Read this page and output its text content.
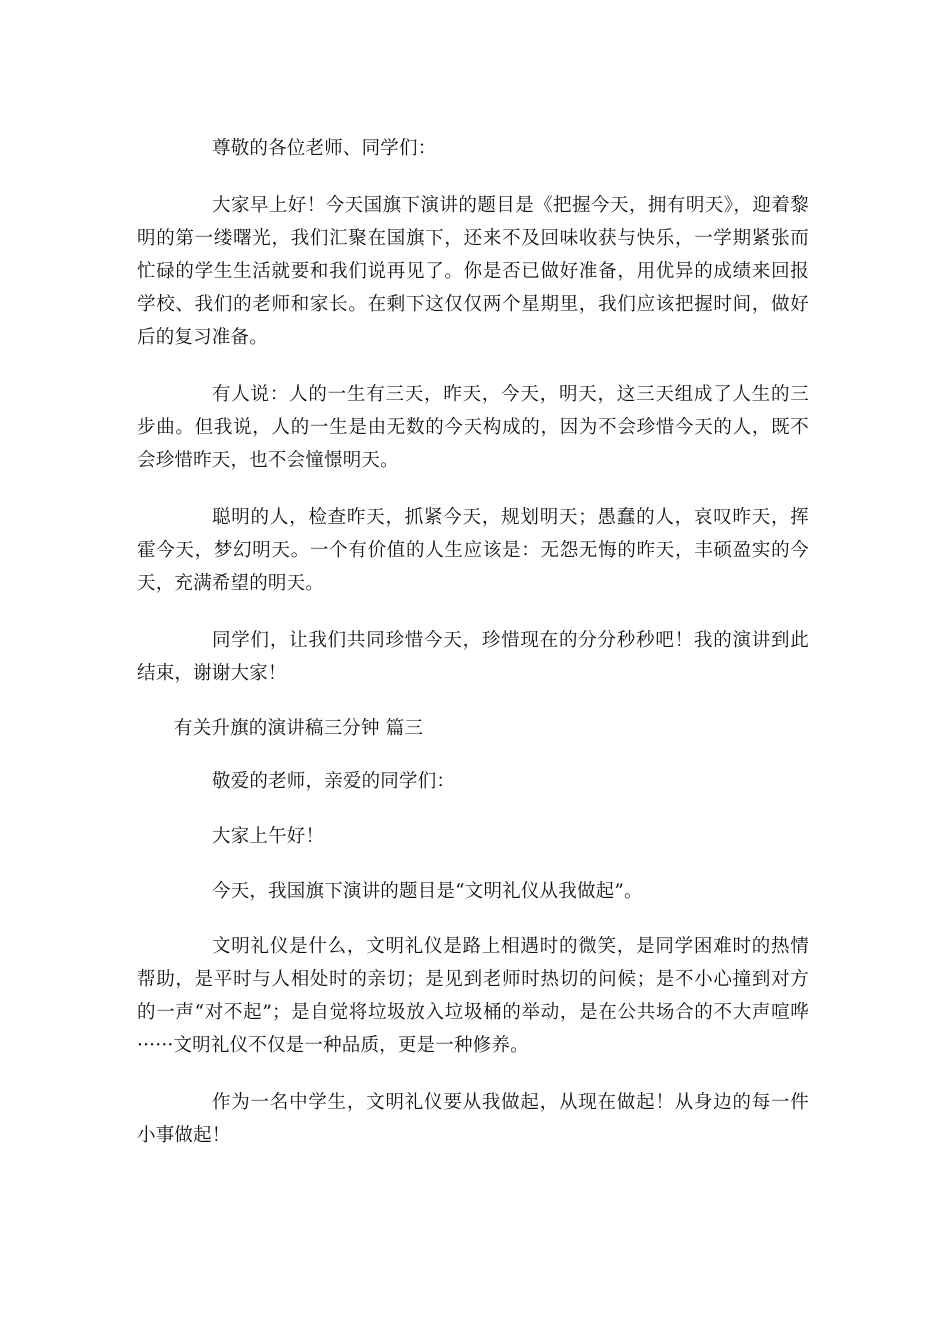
尊敬的各位老师、同学们：

大家早上好！今天国旗下演讲的题目是《把握今天，拥有明天》，迎着黎明的第一缕曙光，我们汇聚在国旗下，还来不及回味收获与快乐，一学期紧张而忙碌的学生生活就要和我们说再见了。你是否已做好准备，用优异的成绩来回报学校、我们的老师和家长。在剩下这仅仅两个星期里，我们应该把握时间，做好后的复习准备。

有人说：人的一生有三天，昨天，今天，明天，这三天组成了人生的三步曲。但我说，人的一生是由无数的今天构成的，因为不会珍惜今天的人，既不会珍惜昨天，也不会憧憬明天。

聪明的人，检查昨天，抓紧今天，规划明天；愚蠢的人，哀叹昨天，挥霍今天，梦幻明天。一个有价值的人生应该是：无怨无悔的昨天，丰硕盈实的今天，充满希望的明天。

同学们，让我们共同珍惜今天，珍惜现在的分分秒秒吧！我的演讲到此结束，谢谢大家！

有关升旗的演讲稿三分钟 篇三

敬爱的老师，亲爱的同学们：

大家上午好！

今天，我国旗下演讲的题目是“文明礼仪从我做起”。

文明礼仪是什么，文明礼仪是路上相遇时的微笑，是同学困难时的热情帮助，是平时与人相处时的亲切；是见到老师时热切的问候；是不小心撞到对方的一声“对不起”；是自觉将垃圾放入垃圾桶的举动，是在公共场合的不大声喧哗······文明礼仪不仅是一种品质，更是一种修养。

作为一名中学生，文明礼仪要从我做起，从现在做起！从身边的每一件小事做起！
